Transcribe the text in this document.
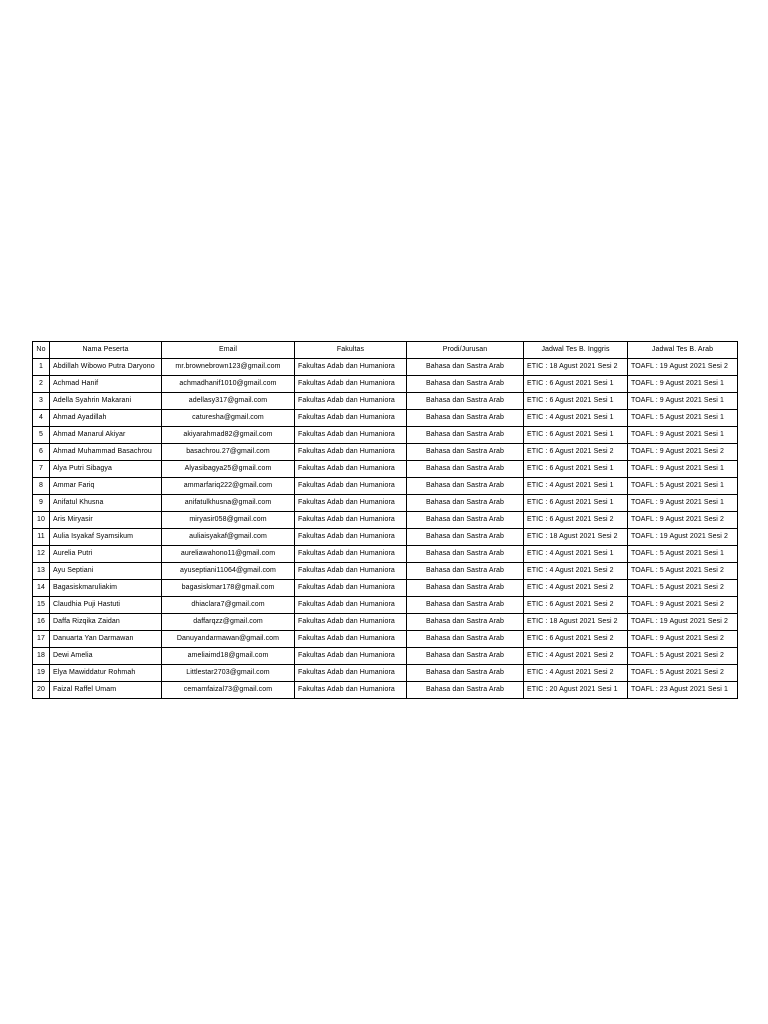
No	Nama Peserta	Email	Fakultas	Prodi/Jurusan	Jadwal Tes B. Inggris	Jadwal Tes B. Arab
1	Abdillah Wibowo Putra Daryono	mr.brownebrown123@gmail.com	Fakultas Adab dan Humaniora	Bahasa dan Sastra Arab	ETIC : 18 Agust 2021 Sesi 2	TOAFL : 19 Agust 2021 Sesi 2
2	Achmad Hanif	achmadhanif1010@gmail.com	Fakultas Adab dan Humaniora	Bahasa dan Sastra Arab	ETIC : 6 Agust 2021 Sesi 1	TOAFL : 9 Agust 2021 Sesi 1
3	Adella Syahrin Makarani	adellasy317@gmail.com	Fakultas Adab dan Humaniora	Bahasa dan Sastra Arab	ETIC : 6 Agust 2021 Sesi 1	TOAFL : 9 Agust 2021 Sesi 1
4	Ahmad Ayadillah	caturesha@gmail.com	Fakultas Adab dan Humaniora	Bahasa dan Sastra Arab	ETIC : 4 Agust 2021 Sesi 1	TOAFL : 5 Agust 2021 Sesi 1
5	Ahmad Manarul Akiyar	akiyarahmad82@gmail.com	Fakultas Adab dan Humaniora	Bahasa dan Sastra Arab	ETIC : 6 Agust 2021 Sesi 1	TOAFL : 9 Agust 2021 Sesi 1
6	Ahmad Muhammad Basachrou	basachrou.27@gmail.com	Fakultas Adab dan Humaniora	Bahasa dan Sastra Arab	ETIC : 6 Agust 2021 Sesi 2	TOAFL : 9 Agust 2021 Sesi 2
7	Alya Putri Sibagya	Alyasibagya25@gmail.com	Fakultas Adab dan Humaniora	Bahasa dan Sastra Arab	ETIC : 6 Agust 2021 Sesi 1	TOAFL : 9 Agust 2021 Sesi 1
8	Ammar Fariq	ammarfariq222@gmail.com	Fakultas Adab dan Humaniora	Bahasa dan Sastra Arab	ETIC : 4 Agust 2021 Sesi 1	TOAFL : 5 Agust 2021 Sesi 1
9	Anifatul Khusna	anifatulkhusna@gmail.com	Fakultas Adab dan Humaniora	Bahasa dan Sastra Arab	ETIC : 6 Agust 2021 Sesi 1	TOAFL : 9 Agust 2021 Sesi 1
10	Aris Miryasir	miryasir058@gmail.com	Fakultas Adab dan Humaniora	Bahasa dan Sastra Arab	ETIC : 6 Agust 2021 Sesi 2	TOAFL : 9 Agust 2021 Sesi 2
11	Aulia Isyakaf Syamsikum	auliaisyakaf@gmail.com	Fakultas Adab dan Humaniora	Bahasa dan Sastra Arab	ETIC : 18 Agust 2021 Sesi 2	TOAFL : 19 Agust 2021 Sesi 2
12	Aurelia Putri	aureliawahono11@gmail.com	Fakultas Adab dan Humaniora	Bahasa dan Sastra Arab	ETIC : 4 Agust 2021 Sesi 1	TOAFL : 5 Agust 2021 Sesi 1
13	Ayu Septiani	ayuseptiani11064@gmail.com	Fakultas Adab dan Humaniora	Bahasa dan Sastra Arab	ETIC : 4 Agust 2021 Sesi 2	TOAFL : 5 Agust 2021 Sesi 2
14	Bagasiskmaruliakim	bagasiskmar178@gmail.com	Fakultas Adab dan Humaniora	Bahasa dan Sastra Arab	ETIC : 4 Agust 2021 Sesi 2	TOAFL : 5 Agust 2021 Sesi 2
15	Claudhia Puji Hastuti	dhiaclara7@gmail.com	Fakultas Adab dan Humaniora	Bahasa dan Sastra Arab	ETIC : 6 Agust 2021 Sesi 2	TOAFL : 9 Agust 2021 Sesi 2
16	Daffa Rizqika Zaidan	daffarqzz@gmail.com	Fakultas Adab dan Humaniora	Bahasa dan Sastra Arab	ETIC : 18 Agust 2021 Sesi 2	TOAFL : 19 Agust 2021 Sesi 2
17	Danuarta Yan Darmawan	Danuyandarmawan@gmail.com	Fakultas Adab dan Humaniora	Bahasa dan Sastra Arab	ETIC : 6 Agust 2021 Sesi 2	TOAFL : 9 Agust 2021 Sesi 2
18	Dewi Amelia	ameliaimd18@gmail.com	Fakultas Adab dan Humaniora	Bahasa dan Sastra Arab	ETIC : 4 Agust 2021 Sesi 2	TOAFL : 5 Agust 2021 Sesi 2
19	Elya Mawiddatur Rohmah	Littlestar2703@gmail.com	Fakultas Adab dan Humaniora	Bahasa dan Sastra Arab	ETIC : 4 Agust 2021 Sesi 2	TOAFL : 5 Agust 2021 Sesi 2
20	Faizal Raffel Umam	cemamfaizal73@gmail.com	Fakultas Adab dan Humaniora	Bahasa dan Sastra Arab	ETIC : 20 Agust 2021 Sesi 1	TOAFL : 23 Agust 2021 Sesi 1
